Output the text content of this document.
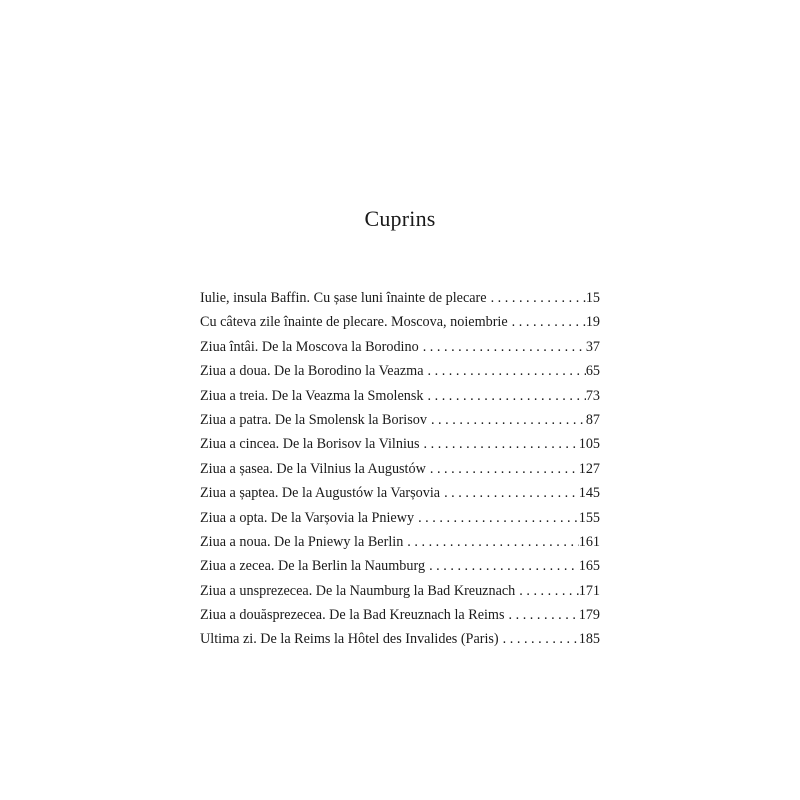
Cuprins
Iulie, insula Baffin. Cu șase luni înainte de plecare . . .	15
Cu câteva zile înainte de plecare. Moscova, noiembrie . . .	19
Ziua întâi. De la Moscova la Borodino . . .	37
Ziua a doua. De la Borodino la Veazma . . .	65
Ziua a treia. De la Veazma la Smolensk . . .	73
Ziua a patra. De la Smolensk la Borisov . . .	87
Ziua a cincea. De la Borisov la Vilnius . . .	105
Ziua a șasea. De la Vilnius la Augustów . . .	127
Ziua a șaptea. De la Augustów la Varșovia . . .	145
Ziua a opta. De la Varșovia la Pniewy . . .	155
Ziua a noua. De la Pniewy la Berlin . . .	161
Ziua a zecea. De la Berlin la Naumburg . . .	165
Ziua a unsprezecea. De la Naumburg la Bad Kreuznach . . .	171
Ziua a douăsprezecea. De la Bad Kreuznach la Reims . . .	179
Ultima zi. De la Reims la Hôtel des Invalides (Paris) . . .	185
